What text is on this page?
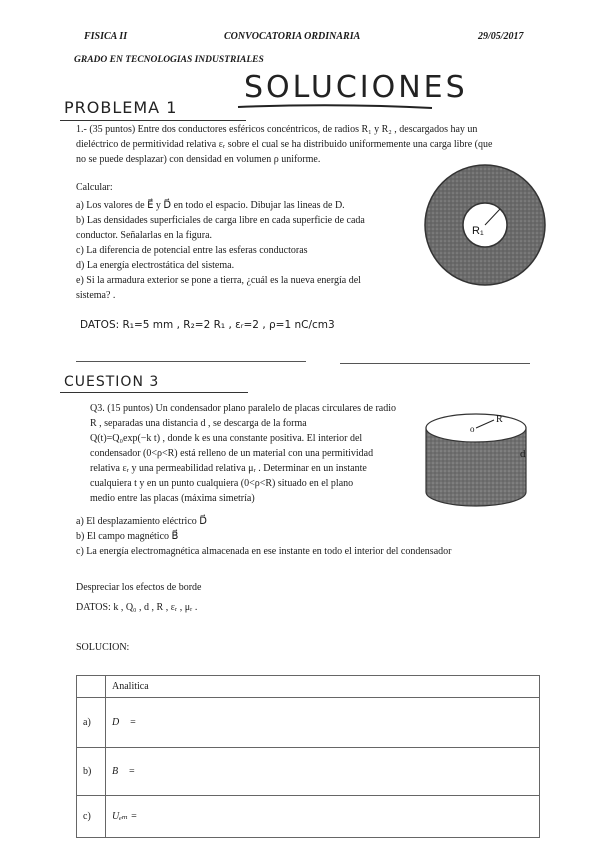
FISICA II	CONVOCATORIA ORDINARIA	29/05/2017
GRADO EN TECNOLOGIAS INDUSTRIALES
SOLUCIONES
PROBLEMA 1
1.- (35 puntos) Entre dos conductores esféricos concéntricos, de radios R₁ y R₂ , descargados hay un
dieléctrico de permitividad relativa εᵣ sobre el cual se ha distribuido uniformemente una carga libre (que
no se puede desplazar) con densidad en volumen ρ uniforme.
Calcular:
a) Los valores de E⃗ y D⃗ en todo el espacio. Dibujar las lineas de D.
b) Las densidades superficiales de carga libre en cada superficie de cada
conductor. Señalarlas en la figura.
c) La diferencia de potencial entre las esferas conductoras
d) La energía electrostática del sistema.
e) Si la armadura exterior se pone a tierra, ¿cuál es la nueva energía del
sistema? .
R₁
DATOS: R₁=5 mm , R₂=2 R₁ , εᵣ=2 , ρ=1 nC/cm3
CUESTION 3
Q3. (15 puntos) Un condensador plano paralelo de placas circulares de radio
R , separadas una distancia d , se descarga de la forma
Q(t)=Q₀exp(−k t) , donde k es una constante positiva. El interior del
condensador (0<ρ<R) está relleno de un material con una permitividad
relativa εᵣ y una permeabilidad relativa μᵣ . Determinar en un instante
cualquiera t y en un punto cualquiera (0<ρ<R) situado en el plano
medio entre las placas (máxima simetría)
a) El desplazamiento eléctrico D⃗
b) El campo magnético B⃗
c) La energía electromagnética almacenada en ese instante en todo el interior del condensador
o
R
d
Despreciar los efectos de borde
DATOS: k , Q₀ , d , R , εᵣ , μᵣ .
SOLUCION:
	Analitica
a)	D⃗ =
b)	B⃗ =
c)	Uₑₘ =
